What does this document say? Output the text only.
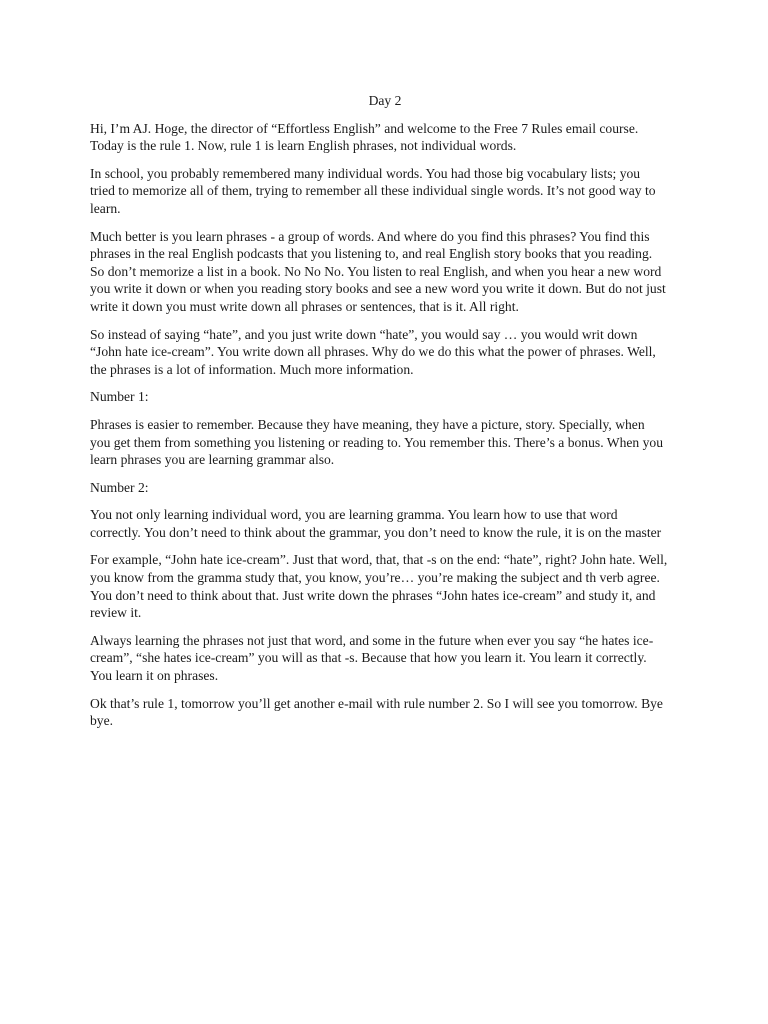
Day 2
Hi, I’m AJ. Hoge, the director of “Effortless English” and welcome to the Free 7 Rules email course.
Today is the rule 1. Now, rule 1 is learn English phrases, not individual words.
In school, you probably remembered many individual words. You had those big vocabulary lists; you
tried to memorize all of them, trying to remember all these individual single words. It’s not good way to
learn.
Much better is you learn phrases - a group of words. And where do you find this phrases? You find this
phrases in the real English podcasts that you listening to, and real English story books that you reading.
So don’t memorize a list in a book. No No No. You listen to real English, and when you hear a new word
you write it down or when you reading story books and see a new word you write it down. But do not just
write it down you must write down all phrases or sentences, that is it. All right.
So instead of saying “hate”, and you just write down “hate”, you would say … you would writ down
“John hate ice-cream”. You write down all phrases. Why do we do this what the power of phrases. Well,
the phrases is a lot of information. Much more information.
Number 1:
Phrases is easier to remember. Because they have meaning, they have a picture, story. Specially, when
you get them from something you listening or reading to. You remember this. There’s a bonus. When you
learn phrases you are learning grammar also.
Number 2:
You not only learning individual word, you are learning gramma. You learn how to use that word
correctly. You don’t need to think about the grammar, you don’t need to know the rule, it is on the master
For example, “John hate ice-cream”. Just that word, that, that -s on the end: “hate”, right? John hate. Well,
you know from the gramma study that, you know, you’re… you’re making the subject and th verb agree.
You don’t need to think about that. Just write down the phrases “John hates ice-cream” and study it, and
review it.
Always learning the phrases not just that word, and some in the future when ever you say “he hates ice-
cream”, “she hates ice-cream” you will as that -s. Because that how you learn it. You learn it correctly.
You learn it on phrases.
Ok that’s rule 1, tomorrow you’ll get another e-mail with rule number 2. So I will see you tomorrow. Bye
bye.
